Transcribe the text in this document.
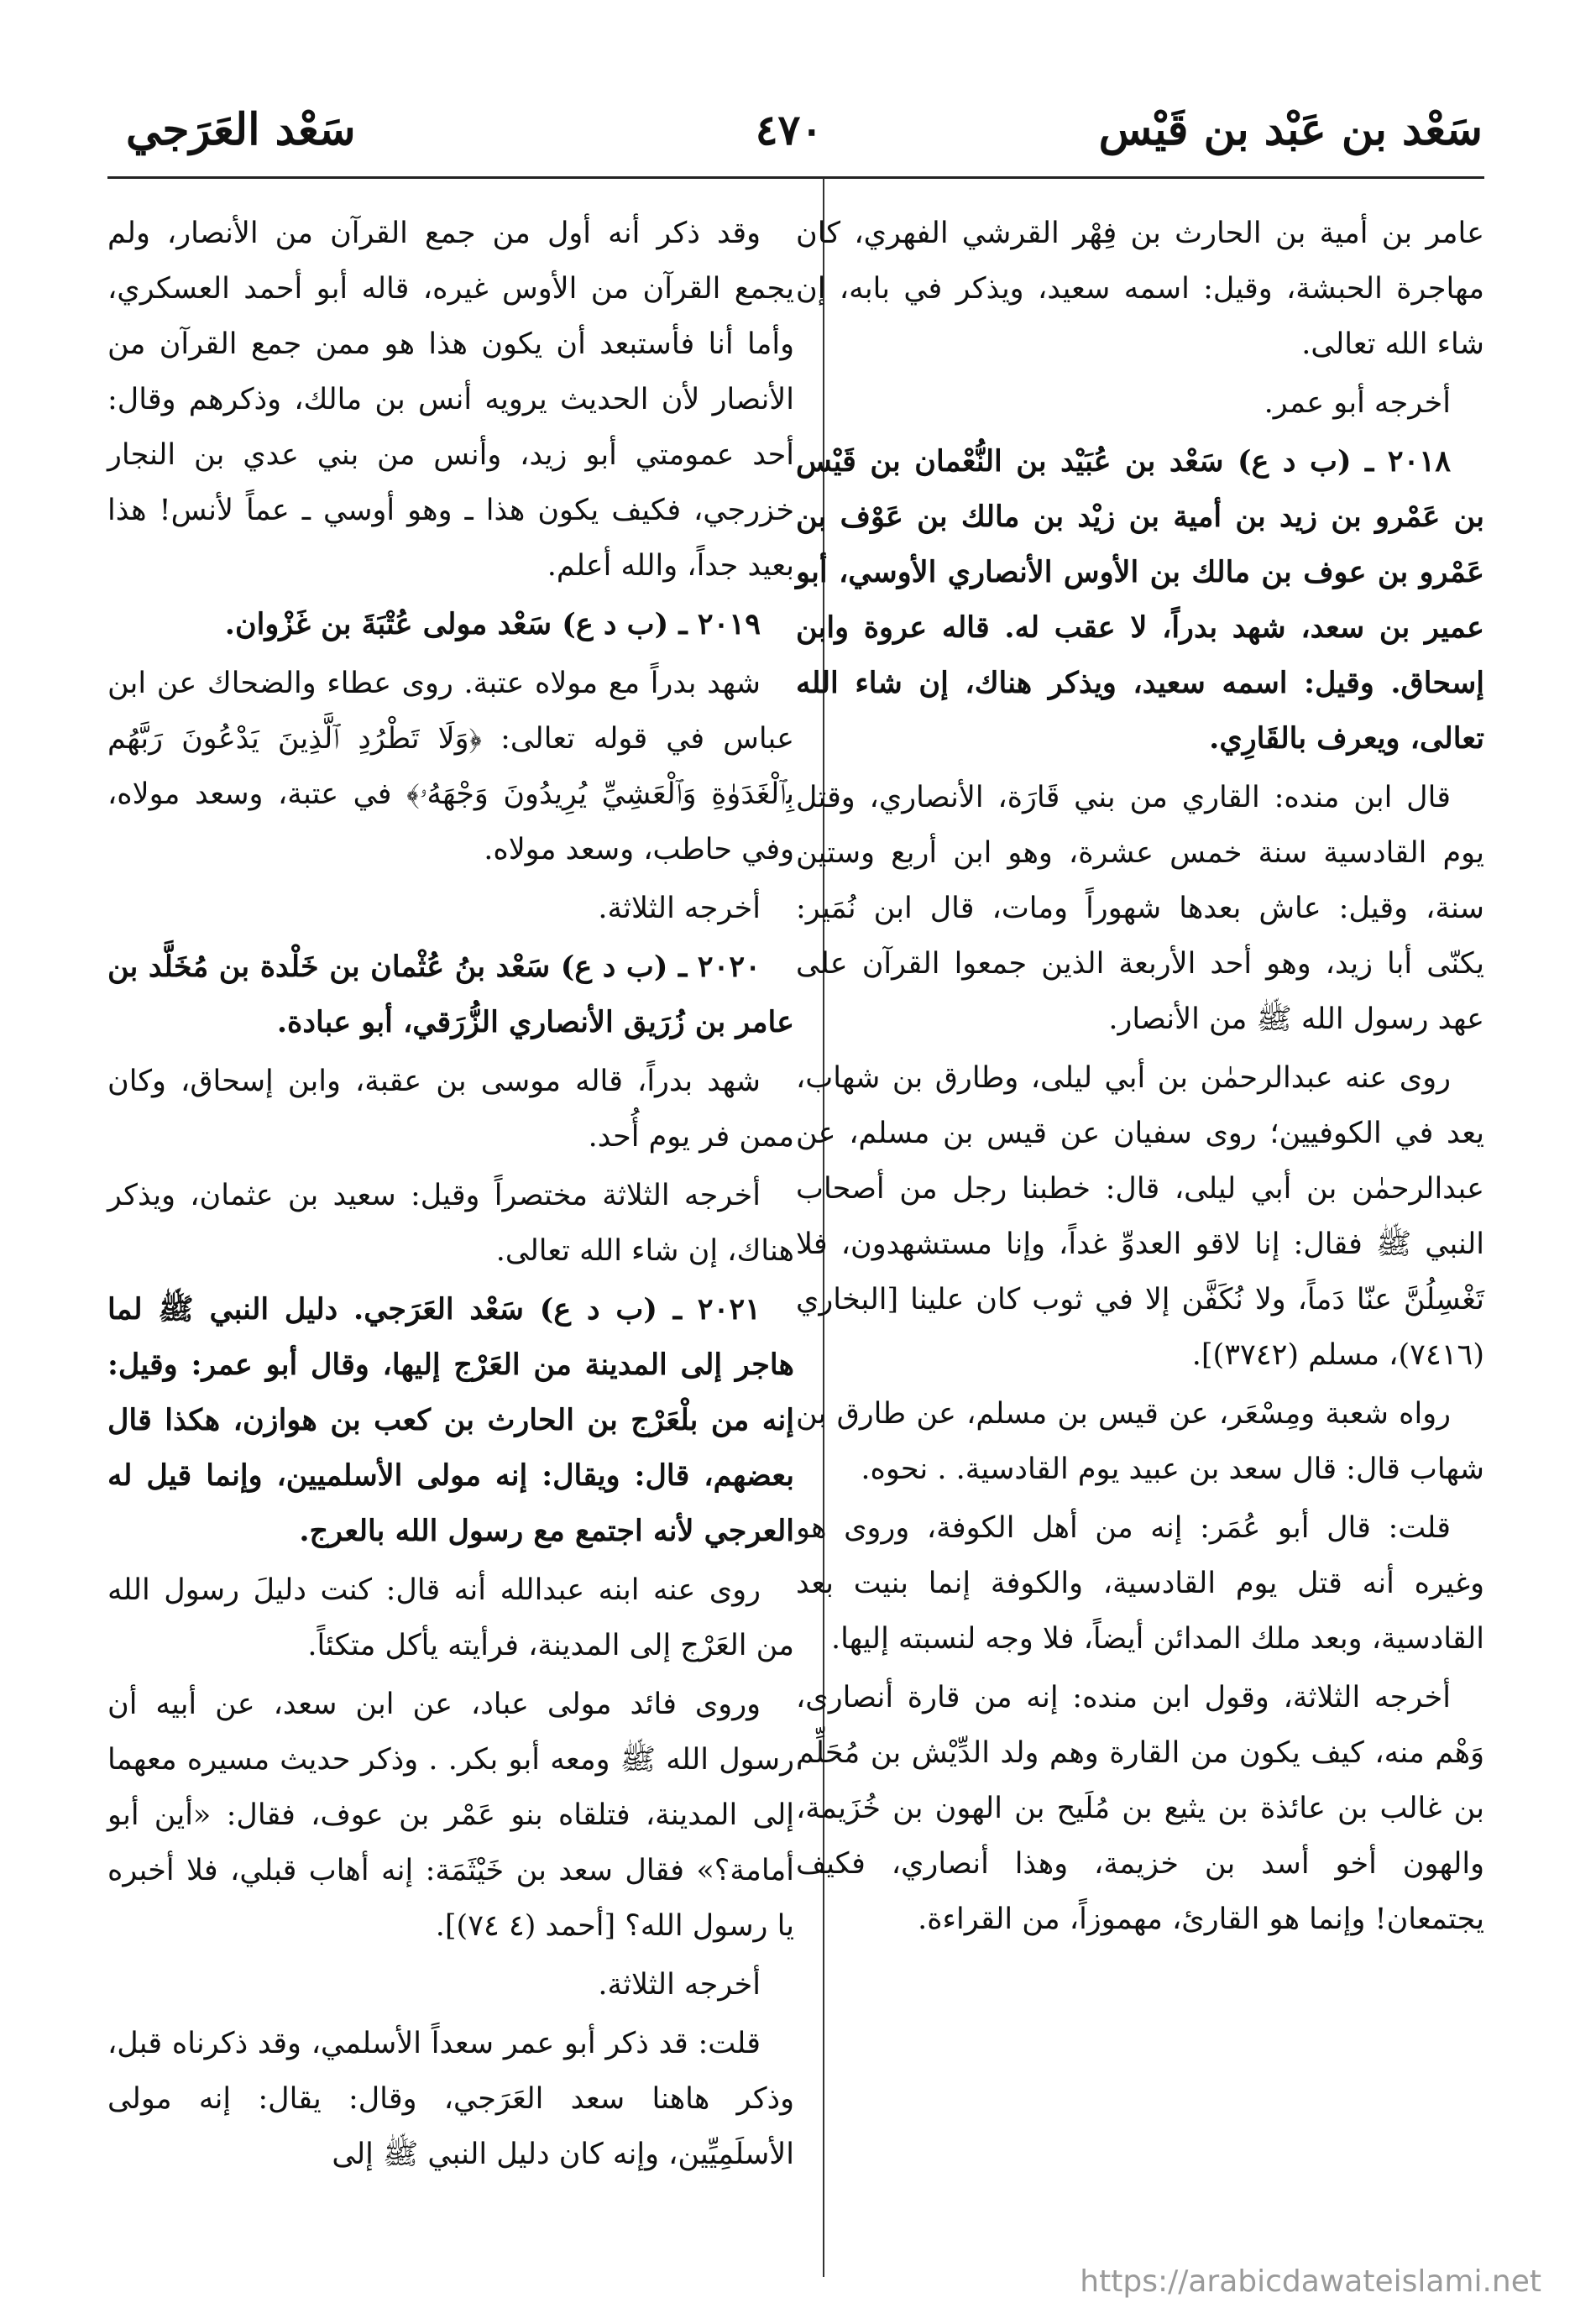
سَعْد بن عَبْد بن قَيْس
٤٧٠
سَعْد العَرَجي

عامر بن أمية بن الحارث بن فِهْر القرشي الفهري، كان مهاجرة الحبشة، وقيل: اسمه سعيد، ويذكر في بابه، إن شاء الله تعالى.

أخرجه أبو عمر.

٢٠١٨ ـ (ب د ع) سَعْد بن عُبَيْد بن النُّعْمان بن قَيْس بن عَمْرو بن زيد بن أمية بن زيْد بن مالك بن عَوْف بن عَمْرو بن عوف بن مالك بن الأوس الأنصاري الأوسي، أبو عمير بن سعد، شهد بدراً، لا عقب له. قاله عروة وابن إسحاق. وقيل: اسمه سعيد، ويذكر هناك، إن شاء الله تعالى، ويعرف بالقَارِي.

قال ابن منده: القاري من بني قَارَة، الأنصاري، وقتل يوم القادسية سنة خمس عشرة، وهو ابن أربع وستين سنة، وقيل: عاش بعدها شهوراً ومات، قال ابن نُمَير: يكنّى أبا زيد، وهو أحد الأربعة الذين جمعوا القرآن على عهد رسول الله ﷺ من الأنصار.

روى عنه عبدالرحمٰن بن أبي ليلى، وطارق بن شهاب، يعد في الكوفيين؛ روى سفيان عن قيس بن مسلم، عن عبدالرحمٰن بن أبي ليلى، قال: خطبنا رجل من أصحاب النبي ﷺ فقال: إنا لاقو العدوِّ غداً، وإنا مستشهدون، فلا تَغْسِلُنَّ عنّا دَماً، ولا نُكَفَّن إلا في ثوب كان علينا [البخاري (٧٤١٦)، مسلم (٣٧٤٢)].

رواه شعبة ومِسْعَر، عن قيس بن مسلم، عن طارق بن شهاب قال: قال سعد بن عبيد يوم القادسية. . نحوه.

قلت: قال أبو عُمَر: إنه من أهل الكوفة، وروى هو وغيره أنه قتل يوم القادسية، والكوفة إنما بنيت بعد القادسية، وبعد ملك المدائن أيضاً، فلا وجه لنسبته إليها.

أخرجه الثلاثة، وقول ابن منده: إنه من قارة أنصارى، وَهْم منه، كيف يكون من القارة وهم ولد الدِّيْش بن مُحَلِّم بن غالب بن عائذة بن يثيع بن مُلَيح بن الهون بن خُزَيمة، والهون أخو أسد بن خزيمة، وهذا أنصاري، فكيف يجتمعان! وإنما هو القارئ، مهموزاً، من القراءة.

وقد ذكر أنه أول من جمع القرآن من الأنصار، ولم يجمع القرآن من الأوس غيره، قاله أبو أحمد العسكري، وأما أنا فأستبعد أن يكون هذا هو ممن جمع القرآن من الأنصار لأن الحديث يرويه أنس بن مالك، وذكرهم وقال: أحد عمومتي أبو زيد، وأنس من بني عدي بن النجار خزرجي، فكيف يكون هذا ـ وهو أوسي ـ عماً لأنس! هذا بعيد جداً، والله أعلم.

٢٠١٩ ـ (ب د ع) سَعْد مولى عُتْبَةَ بن غَزْوان.

شهد بدراً مع مولاه عتبة. روى عطاء والضحاك عن ابن عباس في قوله تعالى: ﴿وَلَا تَطْرُدِ ٱلَّذِينَ يَدْعُونَ رَبَّهُم بِٱلْغَدَوٰةِ وَٱلْعَشِيِّ يُرِيدُونَ وَجْهَهُۥ﴾ في عتبة، وسعد مولاه، وفي حاطب، وسعد مولاه.

أخرجه الثلاثة.

٢٠٢٠ ـ (ب د ع) سَعْد بنُ عُثْمان بن خَلْدة بن مُخَلَّد بن عامر بن زُرَيق الأنصاري الزُّرَقي، أبو عبادة.

شهد بدراً، قاله موسى بن عقبة، وابن إسحاق، وكان ممن فر يوم أُحد.

أخرجه الثلاثة مختصراً وقيل: سعيد بن عثمان، ويذكر هناك، إن شاء الله تعالى.

٢٠٢١ ـ (ب د ع) سَعْد العَرَجي. دليل النبي ﷺ لما هاجر إلى المدينة من العَرْج إليها، وقال أبو عمر: وقيل: إنه من بلْعَرْج بن الحارث بن كعب بن هوازن، هكذا قال بعضهم، قال: ويقال: إنه مولى الأسلميين، وإنما قيل له العرجي لأنه اجتمع مع رسول الله بالعرج.

روى عنه ابنه عبدالله أنه قال: كنت دليلَ رسول الله من العَرْج إلى المدينة، فرأيته يأكل متكئاً.

وروى فائد مولى عباد، عن ابن سعد، عن أبيه أن رسول الله ﷺ ومعه أبو بكر. . وذكر حديث مسيره معهما إلى المدينة، فتلقاه بنو عَمْر بن عوف، فقال: «أين أبو أمامة؟» فقال سعد بن خَيْثَمَة: إنه أهاب قبلي، فلا أخبره يا رسول الله؟ [أحمد (٤ ٧٤)].

أخرجه الثلاثة.

قلت: قد ذكر أبو عمر سعداً الأسلمي، وقد ذكرناه قبل، وذكر هاهنا سعد العَرَجي، وقال: يقال: إنه مولى الأسلَمِيِّين، وإنه كان دليل النبي ﷺ إلى

https://arabicdawateislami.net
